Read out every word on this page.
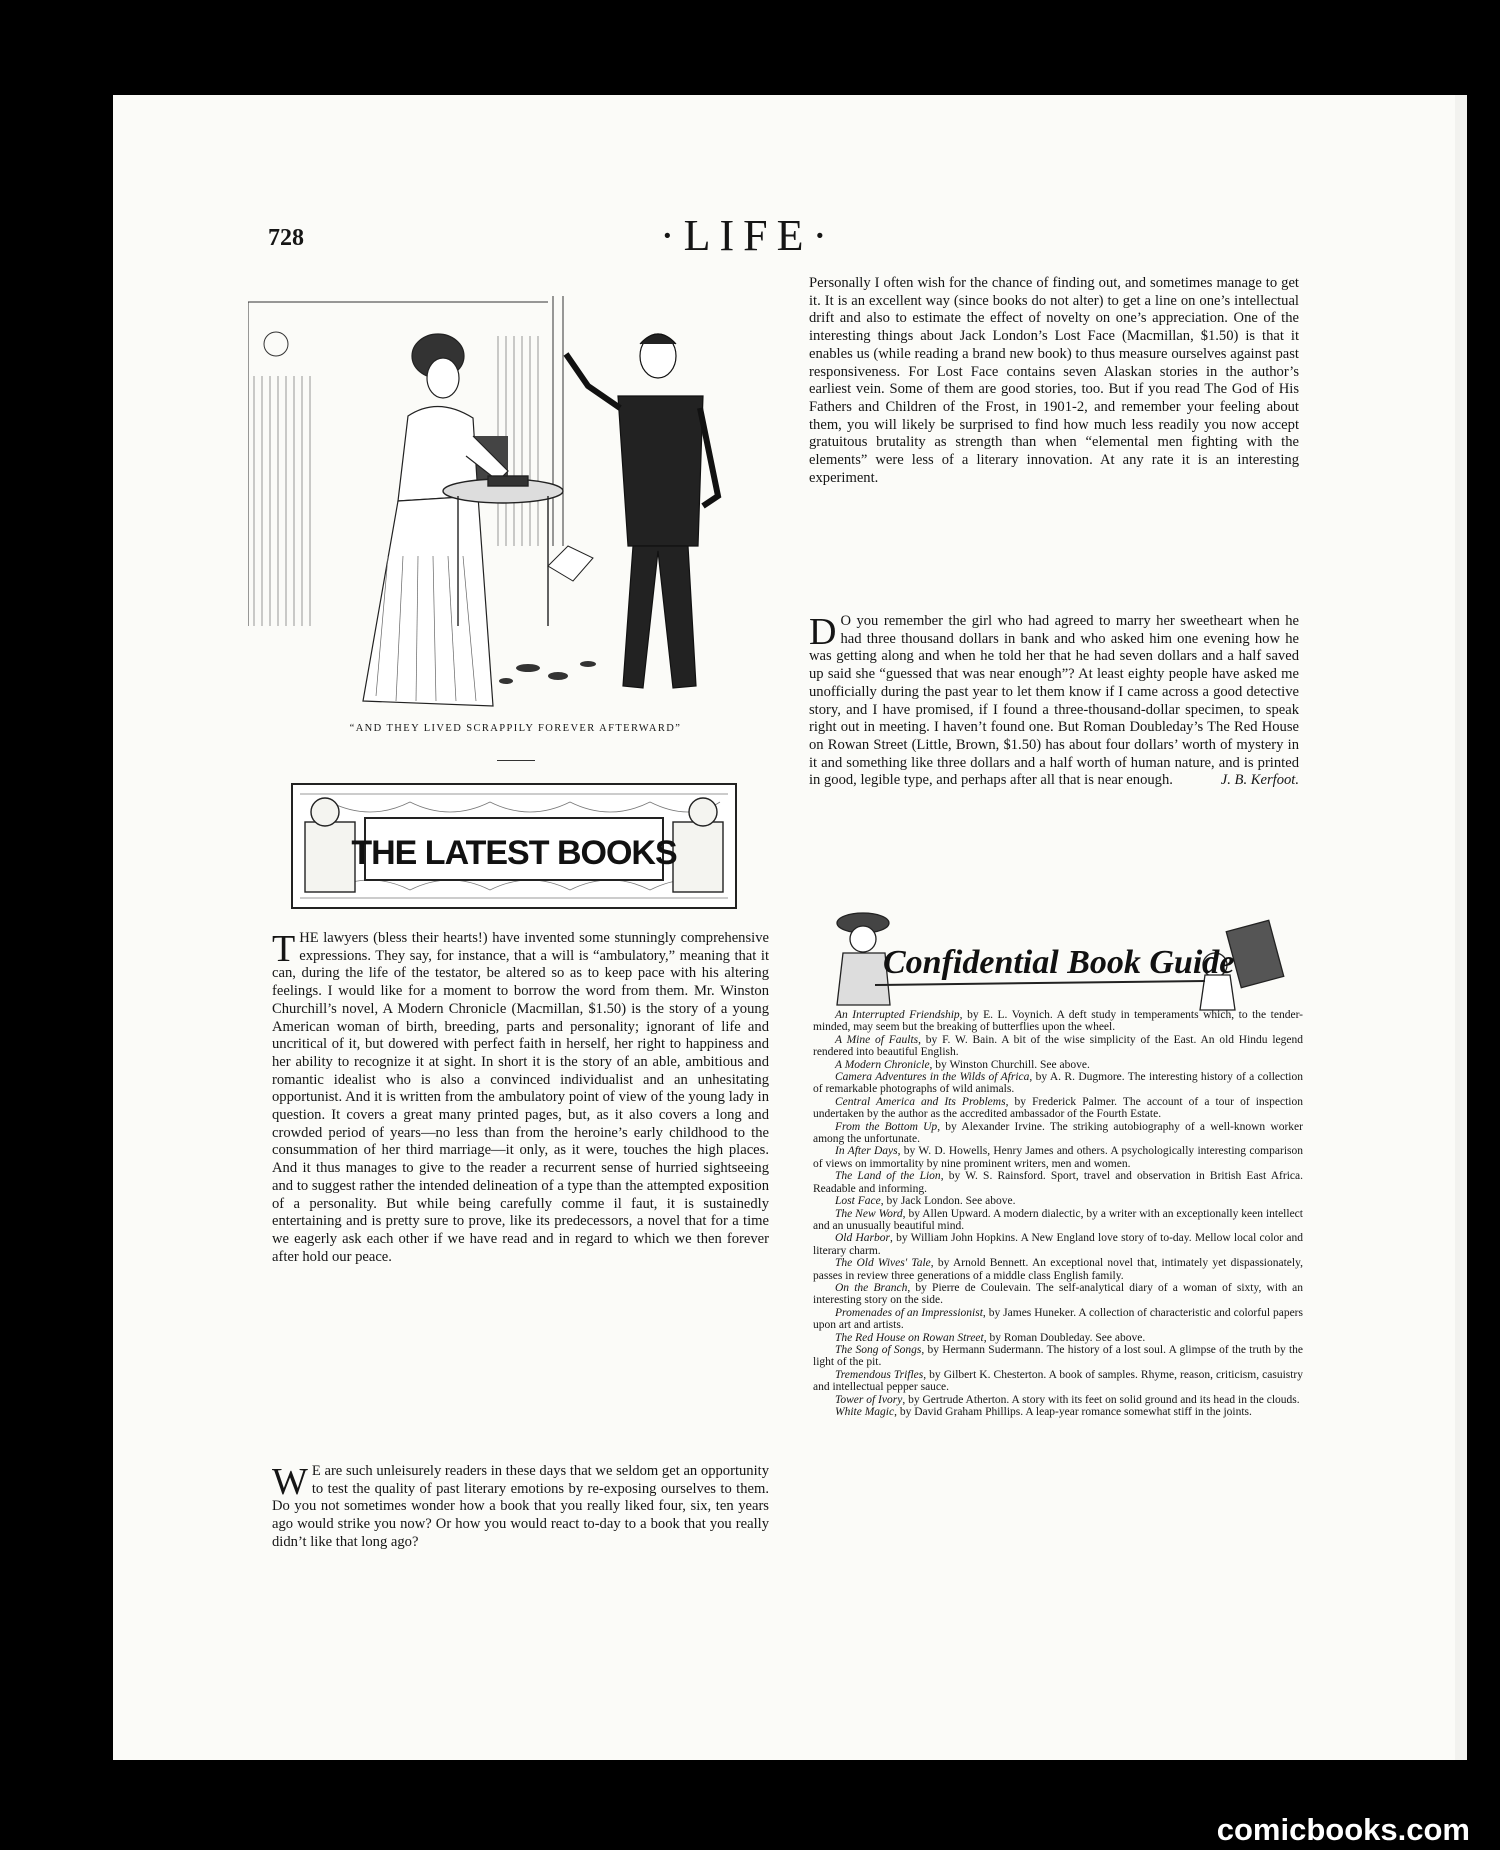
728	·LIFE·
“AND THEY LIVED SCRAPPILY FOREVER AFTERWARD”
THE LATEST BOOKS

THE lawyers (bless their hearts!) have invented some stunningly comprehensive expressions. They say, for instance, that a will is “ambulatory,” meaning that it can, during the life of the testator, be altered so as to keep pace with his altering feelings. I would like for a moment to borrow the word from them. Mr. Winston Churchill’s novel, A Modern Chronicle (Macmillan, $1.50) is the story of a young American woman of birth, breeding, parts and personality; ignorant of life and uncritical of it, but dowered with perfect faith in herself, her right to happiness and her ability to recognize it at sight. In short it is the story of an able, ambitious and romantic idealist who is also a convinced individualist and an unhesitating opportunist. And it is written from the ambulatory point of view of the young lady in question. It covers a great many printed pages, but, as it also covers a long and crowded period of years—no less than from the heroine’s early childhood to the consummation of her third marriage—it only, as it were, touches the high places. And it thus manages to give to the reader a recurrent sense of hurried sightseeing and to suggest rather the intended delineation of a type than the attempted exposition of a personality. But while being carefully comme il faut, it is sustainedly entertaining and is pretty sure to prove, like its predecessors, a novel that for a time we eagerly ask each other if we have read and in regard to which we then forever after hold our peace.

W E are such unleisurely readers in these days that we seldom get an opportunity to test the quality of past literary emotions by re-exposing ourselves to them. Do you not sometimes wonder how a book that you really liked four, six, ten years ago would strike you now? Or how you would react to-day to a book that you really didn’t like that long ago?

Personally I often wish for the chance of finding out, and sometimes manage to get it. It is an excellent way (since books do not alter) to get a line on one’s intellectual drift and also to estimate the effect of novelty on one’s appreciation. One of the interesting things about Jack London’s Lost Face (Macmillan, $1.50) is that it enables us (while reading a brand new book) to thus measure ourselves against past responsiveness. For Lost Face contains seven Alaskan stories in the author’s earliest vein. Some of them are good stories, too. But if you read The God of His Fathers and Children of the Frost, in 1901-2, and remember your feeling about them, you will likely be surprised to find how much less readily you now accept gratuitous brutality as strength than when “elemental men fighting with the elements” were less of a literary innovation. At any rate it is an interesting experiment.

D O you remember the girl who had agreed to marry her sweetheart when he had three thousand dollars in bank and who asked him one evening how he was getting along and when he told her that he had seven dollars and a half saved up said she “guessed that was near enough”? At least eighty people have asked me unofficially during the past year to let them know if I came across a good detective story, and I have promised, if I found a three-thousand-dollar specimen, to speak right out in meeting. I haven’t found one. But Roman Doubleday’s The Red House on Rowan Street (Little, Brown, $1.50) has about four dollars’ worth of mystery in it and something like three dollars and a half worth of human nature, and is printed in good, legible type, and perhaps after all that is near enough.	J. B. Kerfoot.

Confidential Book Guide
An Interrupted Friendship, by E. L. Voynich. A deft study in temperaments which, to the tender-minded, may seem but the breaking of butterflies upon the wheel.
A Mine of Faults, by F. W. Bain. A bit of the wise simplicity of the East. An old Hindu legend rendered into beautiful English.
A Modern Chronicle, by Winston Churchill. See above.
Camera Adventures in the Wilds of Africa, by A. R. Dugmore. The interesting history of a collection of remarkable photographs of wild animals.
Central America and Its Problems, by Frederick Palmer. The account of a tour of inspection undertaken by the author as the accredited ambassador of the Fourth Estate.
From the Bottom Up, by Alexander Irvine. The striking autobiography of a well-known worker among the unfortunate.
In After Days, by W. D. Howells, Henry James and others. A psychologically interesting comparison of views on immortality by nine prominent writers, men and women.
The Land of the Lion, by W. S. Rainsford. Sport, travel and observation in British East Africa. Readable and informing.
Lost Face, by Jack London. See above.
The New Word, by Allen Upward. A modern dialectic, by a writer with an exceptionally keen intellect and an unusually beautiful mind.
Old Harbor, by William John Hopkins. A New England love story of to-day. Mellow local color and literary charm.
The Old Wives' Tale, by Arnold Bennett. An exceptional novel that, intimately yet dispassionately, passes in review three generations of a middle class English family.
On the Branch, by Pierre de Coulevain. The self-analytical diary of a woman of sixty, with an interesting story on the side.
Promenades of an Impressionist, by James Huneker. A collection of characteristic and colorful papers upon art and artists.
The Red House on Rowan Street, by Roman Doubleday. See above.
The Song of Songs, by Hermann Sudermann. The history of a lost soul. A glimpse of the truth by the light of the pit.
Tremendous Trifles, by Gilbert K. Chesterton. A book of samples. Rhyme, reason, criticism, casuistry and intellectual pepper sauce.
Tower of Ivory, by Gertrude Atherton. A story with its feet on solid ground and its head in the clouds.
White Magic, by David Graham Phillips. A leap-year romance somewhat stiff in the joints.
comicbooks.com
